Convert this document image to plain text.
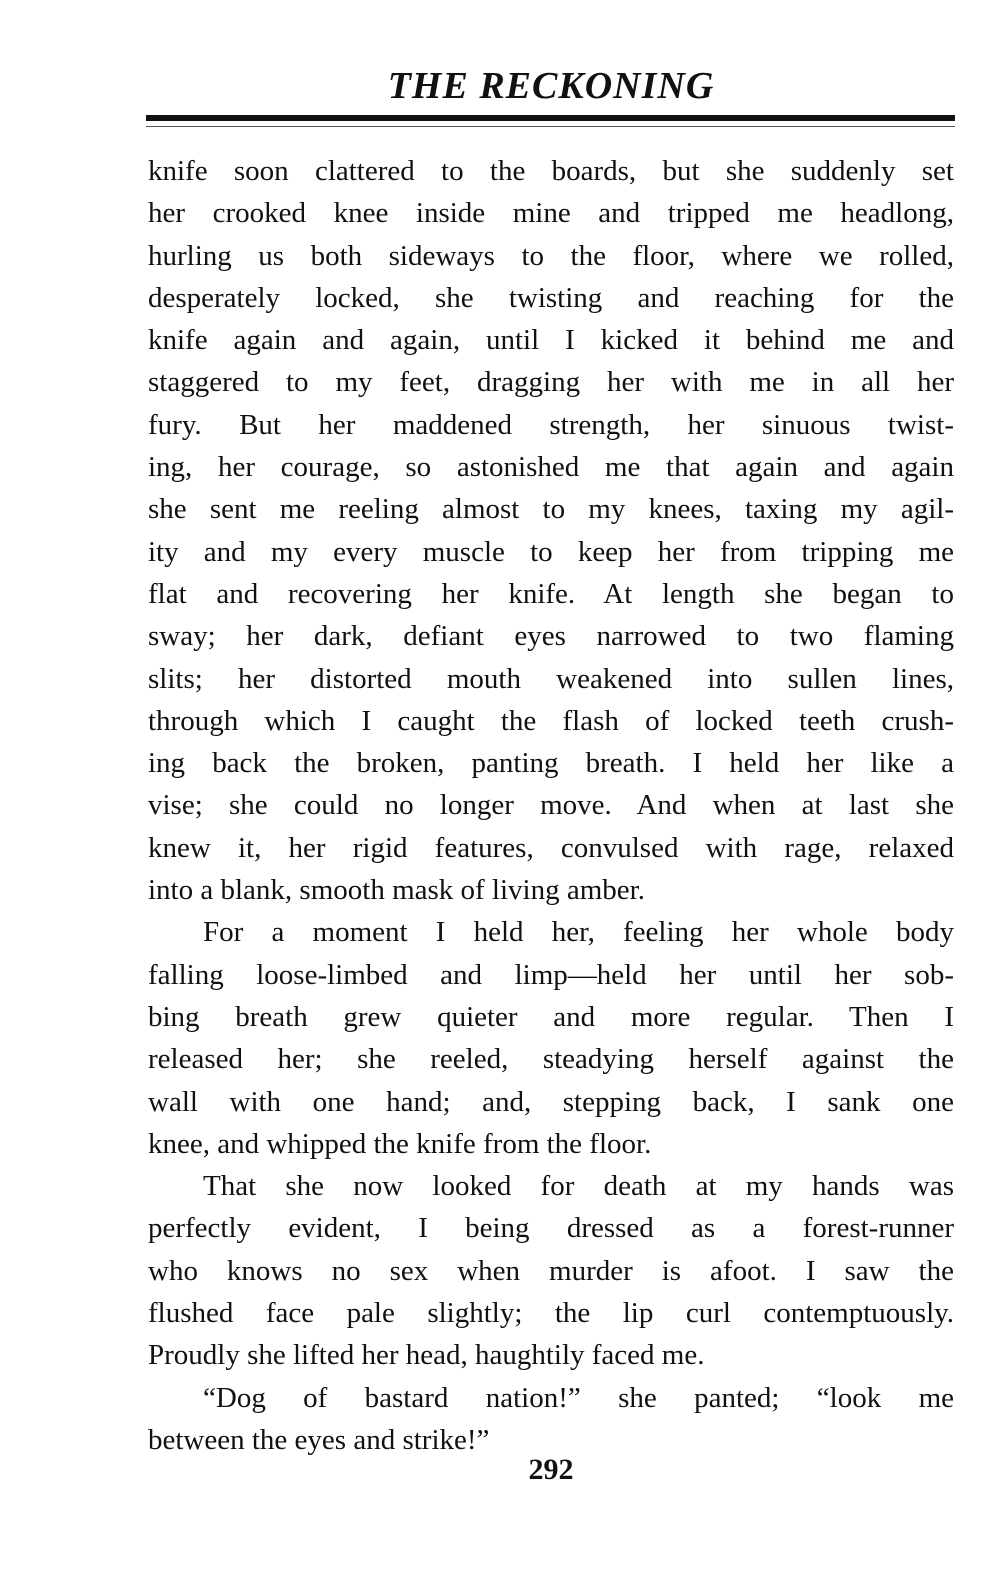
THE RECKONING
knife soon clattered to the boards, but she suddenly set
her crooked knee inside mine and tripped me headlong,
hurling us both sideways to the floor, where we rolled,
desperately locked, she twisting and reaching for the
knife again and again, until I kicked it behind me and
staggered to my feet, dragging her with me in all her
fury. But her maddened strength, her sinuous twist-
ing, her courage, so astonished me that again and again
she sent me reeling almost to my knees, taxing my agil-
ity and my every muscle to keep her from tripping me
flat and recovering her knife. At length she began to
sway; her dark, defiant eyes narrowed to two flaming
slits; her distorted mouth weakened into sullen lines,
through which I caught the flash of locked teeth crush-
ing back the broken, panting breath. I held her like a
vise; she could no longer move. And when at last she
knew it, her rigid features, convulsed with rage, relaxed
into a blank, smooth mask of living amber.
For a moment I held her, feeling her whole body
falling loose-limbed and limp—held her until her sob-
bing breath grew quieter and more regular. Then I
released her; she reeled, steadying herself against the
wall with one hand; and, stepping back, I sank one
knee, and whipped the knife from the floor.
That she now looked for death at my hands was
perfectly evident, I being dressed as a forest-runner
who knows no sex when murder is afoot. I saw the
flushed face pale slightly; the lip curl contemptuously.
Proudly she lifted her head, haughtily faced me.
“Dog of bastard nation!” she panted; “look me
between the eyes and strike!”
292
